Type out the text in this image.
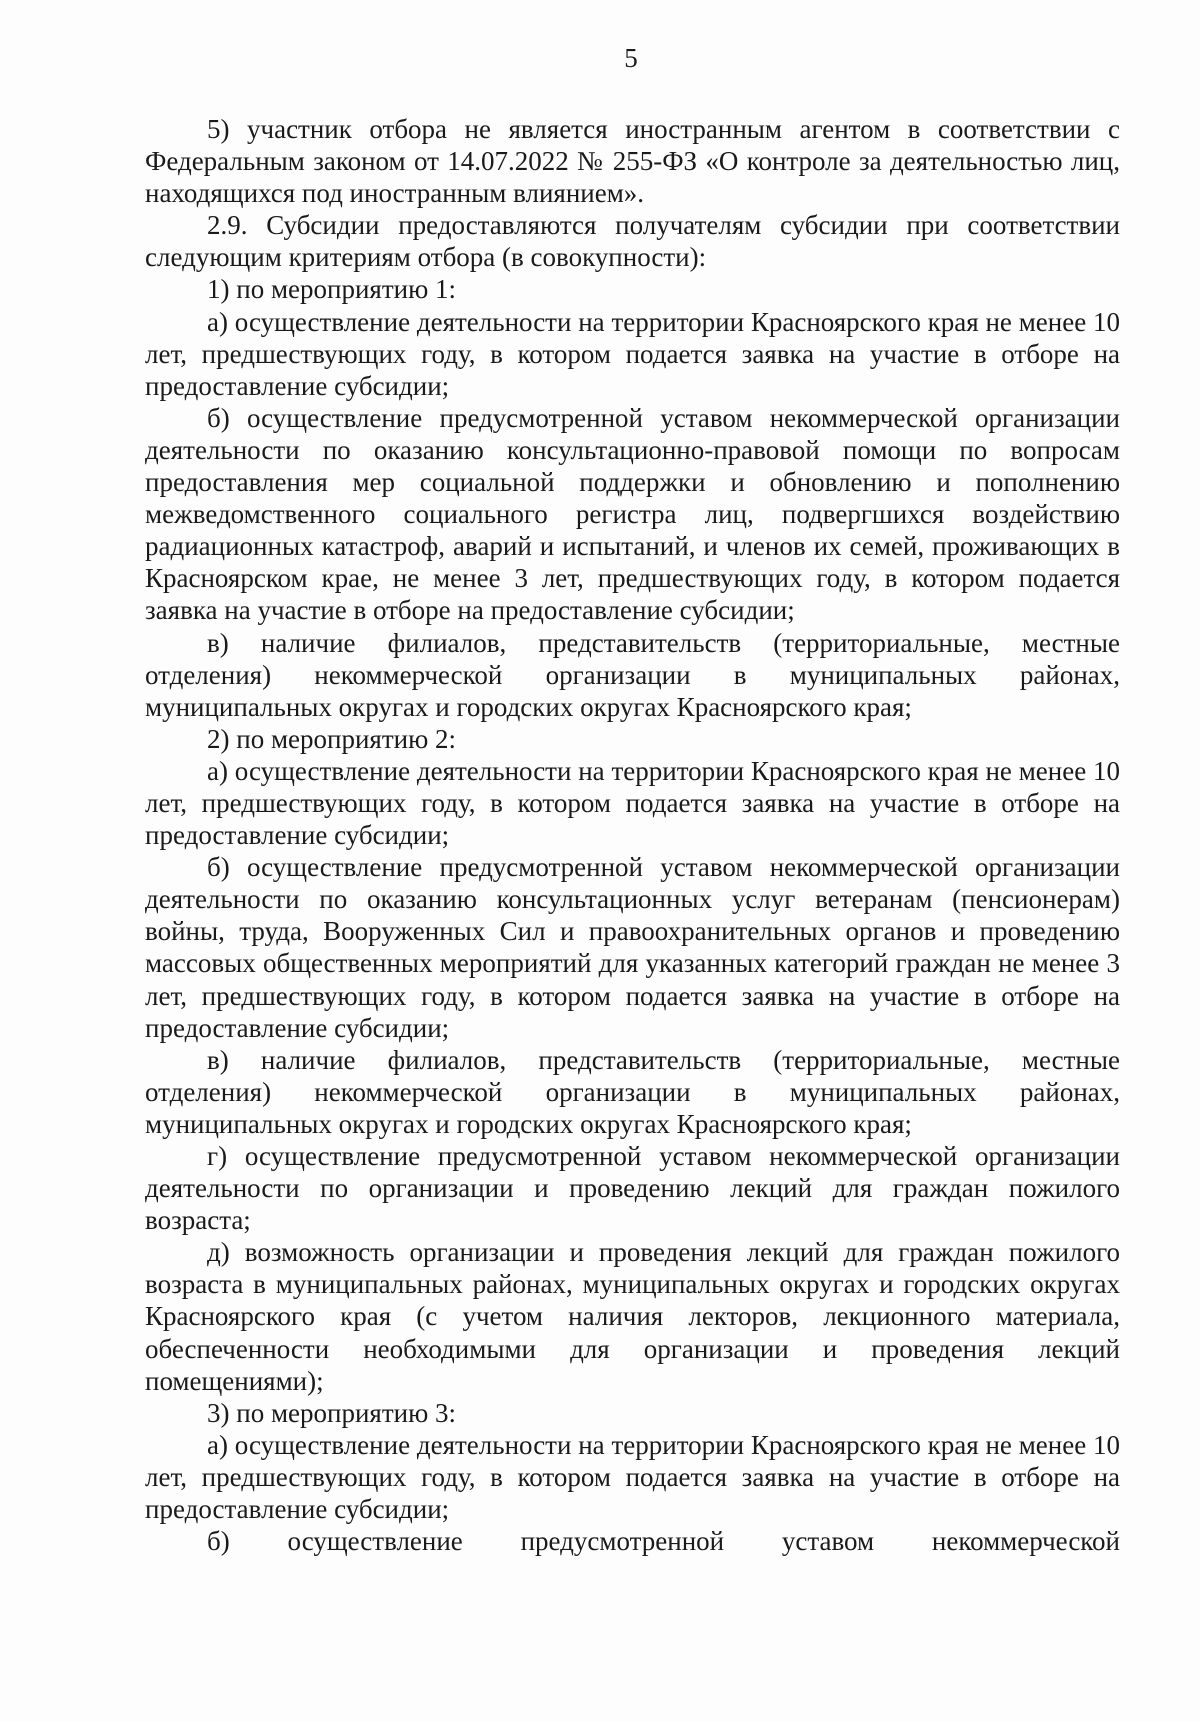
5

5) участник отбора не является иностранным агентом в соответствии с Федеральным законом от 14.07.2022 № 255-ФЗ «О контроле за деятельностью лиц, находящихся под иностранным влиянием».

2.9. Субсидии предоставляются получателям субсидии при соответствии следующим критериям отбора (в совокупности):

1) по мероприятию 1:

а) осуществление деятельности на территории Красноярского края не менее 10 лет, предшествующих году, в котором подается заявка на участие в отборе на предоставление субсидии;

б) осуществление предусмотренной уставом некоммерческой организации деятельности по оказанию консультационно-правовой помощи по вопросам предоставления мер социальной поддержки и обновлению и пополнению межведомственного социального регистра лиц, подвергшихся воздействию радиационных катастроф, аварий и испытаний, и членов их семей, проживающих в Красноярском крае, не менее 3 лет, предшествующих году, в котором подается заявка на участие в отборе на предоставление субсидии;

в) наличие филиалов, представительств (территориальные, местные отделения) некоммерческой организации в муниципальных районах, муниципальных округах и городских округах Красноярского края;

2) по мероприятию 2:

а) осуществление деятельности на территории Красноярского края не менее 10 лет, предшествующих году, в котором подается заявка на участие в отборе на предоставление субсидии;

б) осуществление предусмотренной уставом некоммерческой организации деятельности по оказанию консультационных услуг ветеранам (пенсионерам) войны, труда, Вооруженных Сил и правоохранительных органов и проведению массовых общественных мероприятий для указанных категорий граждан не менее 3 лет, предшествующих году, в котором подается заявка на участие в отборе на предоставление субсидии;

в) наличие филиалов, представительств (территориальные, местные отделения) некоммерческой организации в муниципальных районах, муниципальных округах и городских округах Красноярского края;

г) осуществление предусмотренной уставом некоммерческой организации деятельности по организации и проведению лекций для граждан пожилого возраста;

д) возможность организации и проведения лекций для граждан пожилого возраста в муниципальных районах, муниципальных округах и городских округах Красноярского края (с учетом наличия лекторов, лекционного материала, обеспеченности необходимыми для организации и проведения лекций помещениями);

3) по мероприятию 3:

а) осуществление деятельности на территории Красноярского края не менее 10 лет, предшествующих году, в котором подается заявка на участие в отборе на предоставление субсидии;

б) осуществление предусмотренной уставом некоммерческой
